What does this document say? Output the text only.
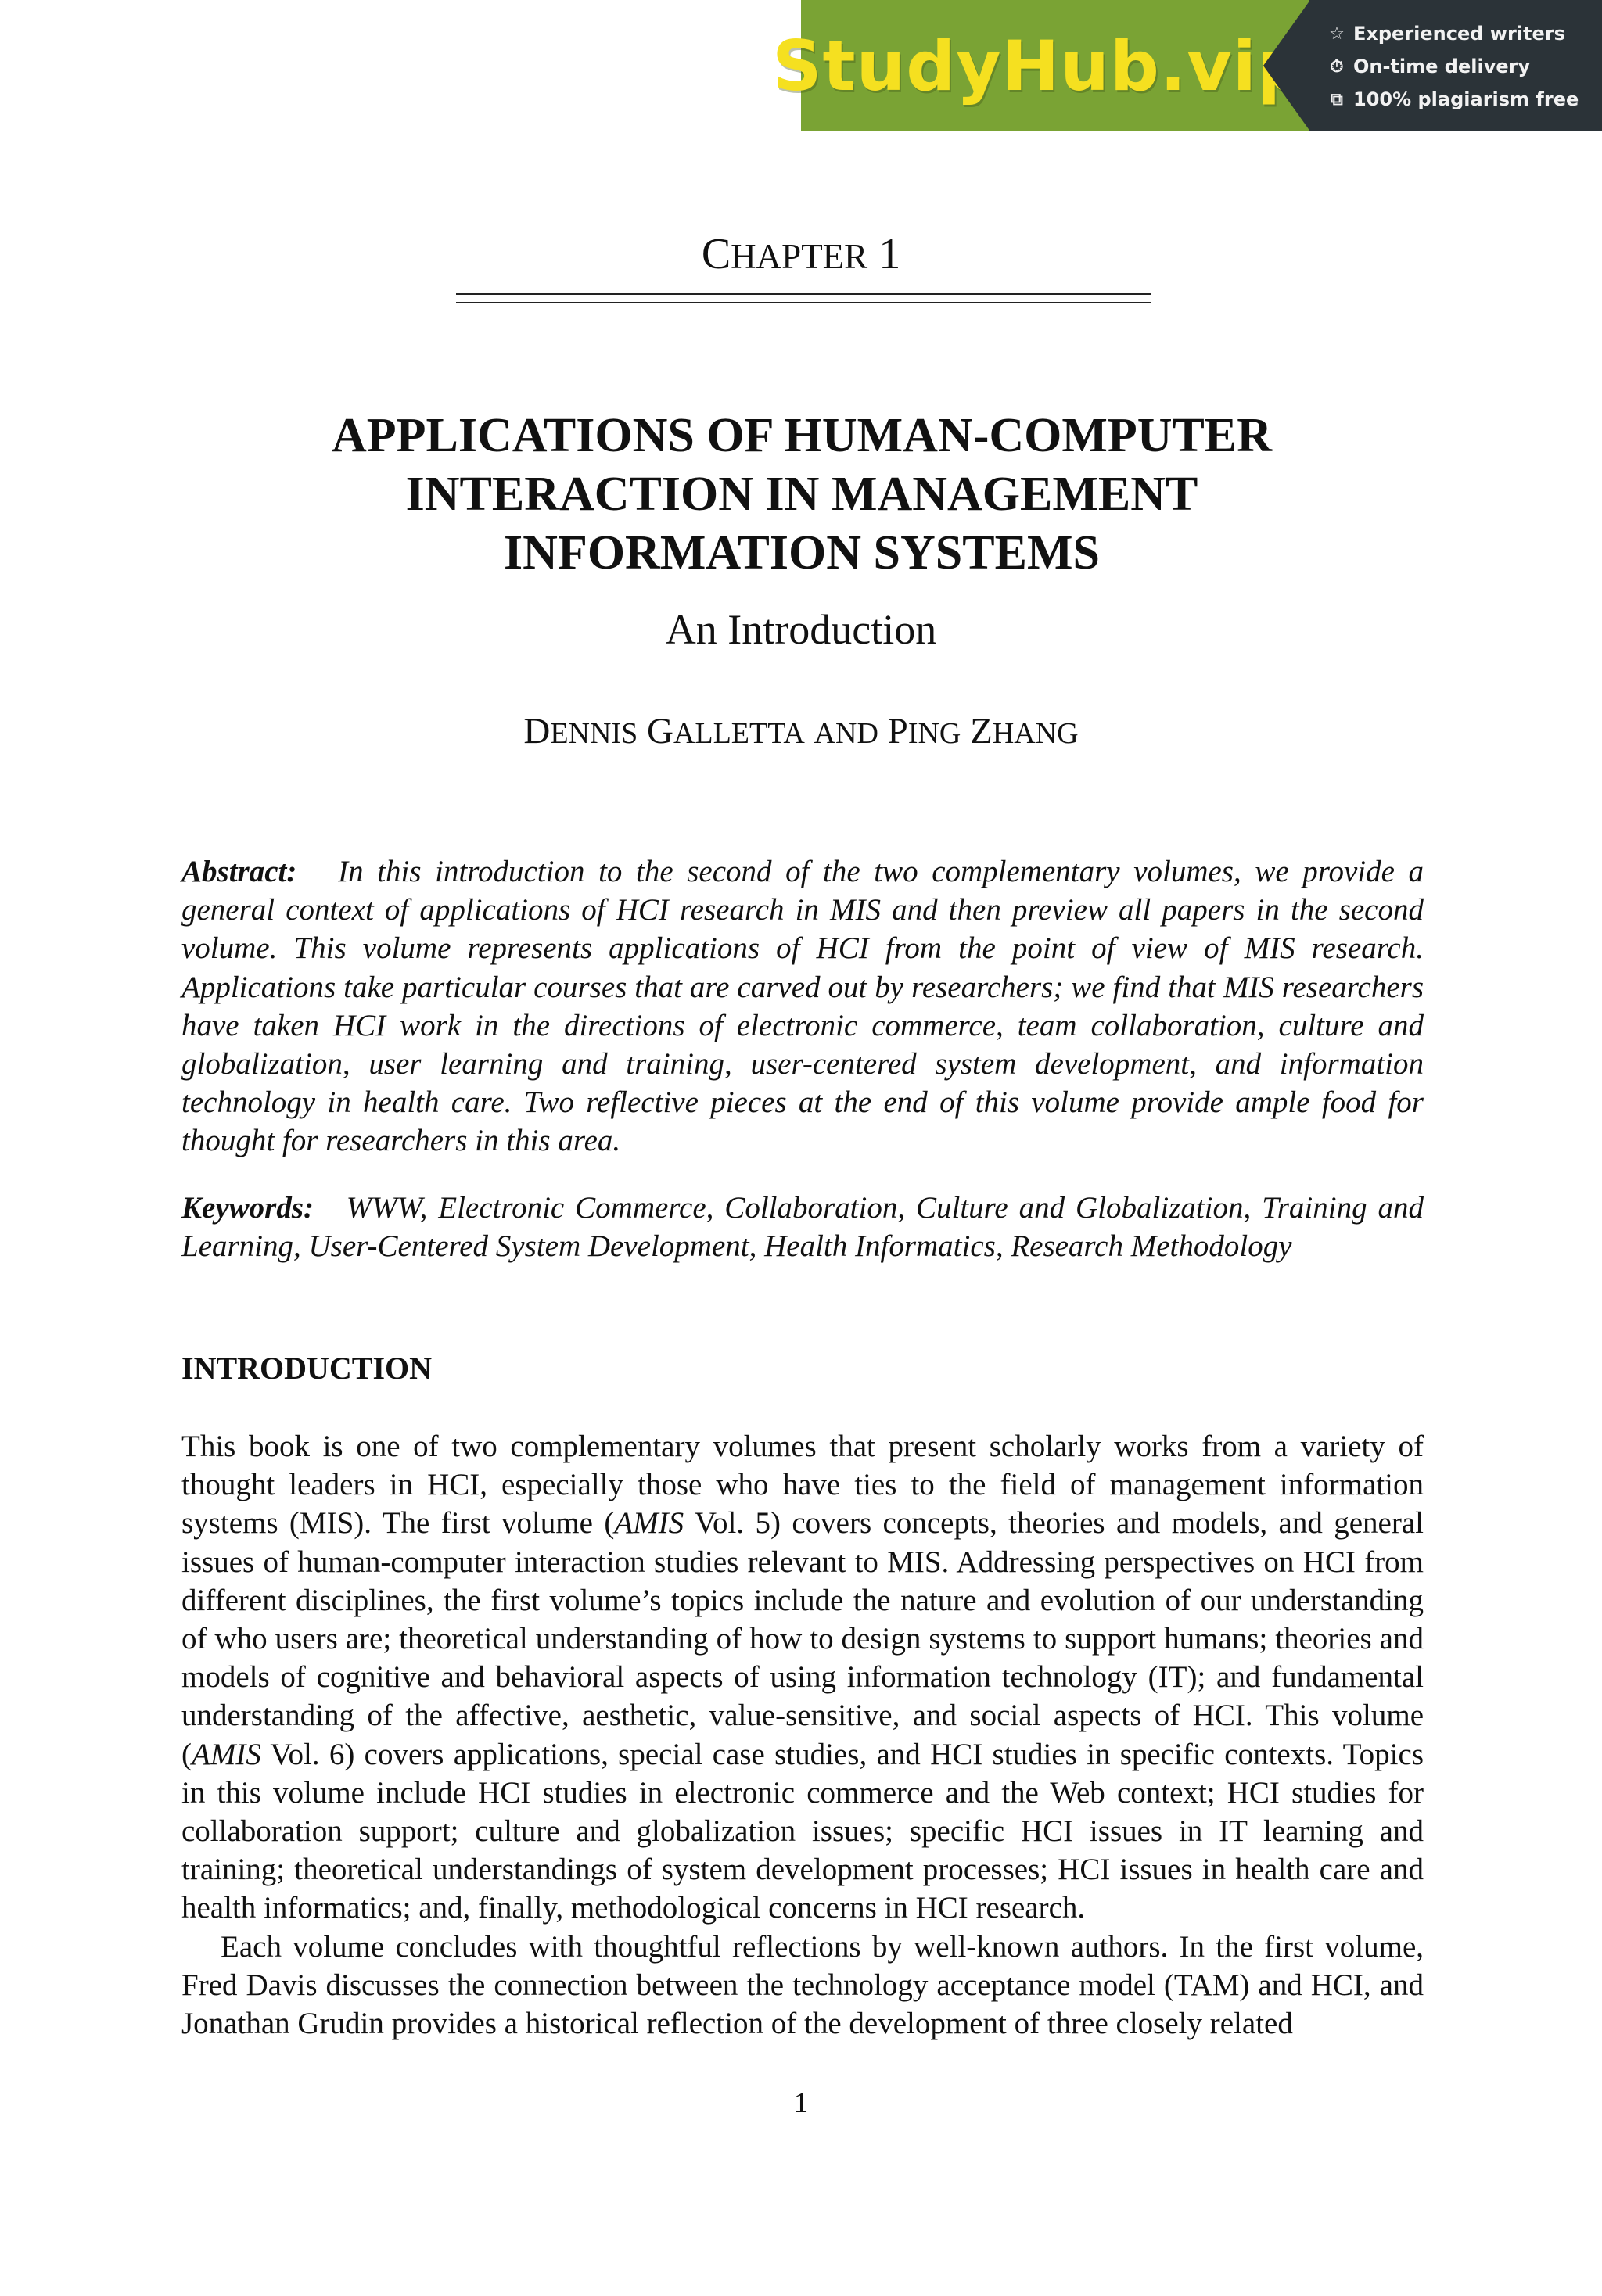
StudyHub.vip ☆ Experienced writers
⏱ On-time delivery
⧉ 100% plagiarism free
CHAPTER 1
APPLICATIONS OF HUMAN-COMPUTER
INTERACTION IN MANAGEMENT
INFORMATION SYSTEMS
An Introduction
DENNIS GALLETTA AND PING ZHANG

Abstract: In this introduction to the second of the two complementary volumes, we provide a general context of applications of HCI research in MIS and then preview all papers in the second volume. This volume represents applications of HCI from the point of view of MIS research. Applications take particular courses that are carved out by researchers; we find that MIS researchers have taken HCI work in the directions of electronic commerce, team collaboration, culture and globalization, user learning and training, user-centered system development, and information technology in health care. Two reflective pieces at the end of this volume provide ample food for thought for researchers in this area.

Keywords: WWW, Electronic Commerce, Collaboration, Culture and Globalization, Training and Learning, User-Centered System Development, Health Informatics, Research Methodology

INTRODUCTION

This book is one of two complementary volumes that present scholarly works from a variety of thought leaders in HCI, especially those who have ties to the field of management information systems (MIS). The first volume (AMIS Vol. 5) covers concepts, theories and models, and general issues of human-computer interaction studies relevant to MIS. Addressing perspectives on HCI from different disciplines, the first volume’s topics include the nature and evolution of our understanding of who users are; theoretical understanding of how to design systems to support humans; theories and models of cognitive and behavioral aspects of using information technology (IT); and fundamental understanding of the affective, aesthetic, value-sensitive, and social aspects of HCI. This volume (AMIS Vol. 6) covers applications, special case studies, and HCI studies in specific contexts. Topics in this volume include HCI studies in electronic commerce and the Web context; HCI studies for collaboration support; culture and globalization issues; specific HCI issues in IT learning and training; theoretical understandings of system development processes; HCI issues in health care and health informatics; and, finally, methodological concerns in HCI research.

Each volume concludes with thoughtful reflections by well-known authors. In the first volume, Fred Davis discusses the connection between the technology acceptance model (TAM) and HCI, and Jonathan Grudin provides a historical reflection of the development of three closely related

1
